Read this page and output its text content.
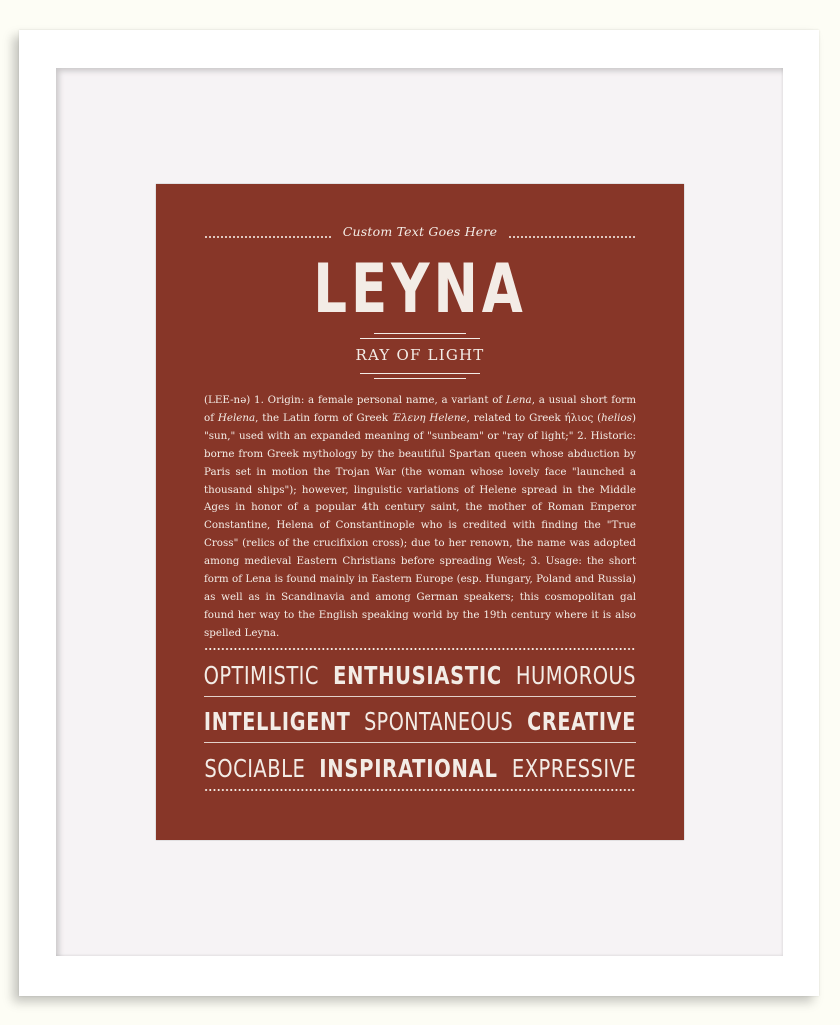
Custom Text Goes Here
LEYNA
RAY OF LIGHT
(LEE-nə) 1. Origin: a female personal name, a variant of Lena, a usual short form of Helena, the Latin form of Greek Έλενη Helene, related to Greek ήλιος (helios) "sun," used with an expanded meaning of "sunbeam" or "ray of light;" 2. Historic: borne from Greek mythology by the beautiful Spartan queen whose abduction by Paris set in motion the Trojan War (the woman whose lovely face "launched a thousand ships"); however, linguistic variations of Helene spread in the Middle Ages in honor of a popular 4th century saint, the mother of Roman Emperor Constantine, Helena of Constantinople who is credited with finding the "True Cross" (relics of the crucifixion cross); due to her renown, the name was adopted among medieval Eastern Christians before spreading West; 3. Usage: the short form of Lena is found mainly in Eastern Europe (esp. Hungary, Poland and Russia) as well as in Scandinavia and among German speakers; this cosmopolitan gal found her way to the English speaking world by the 19th century where it is also spelled Leyna.
OPTIMISTIC ENTHUSIASTIC HUMOROUS
INTELLIGENT SPONTANEOUS CREATIVE
SOCIABLE INSPIRATIONAL EXPRESSIVE
